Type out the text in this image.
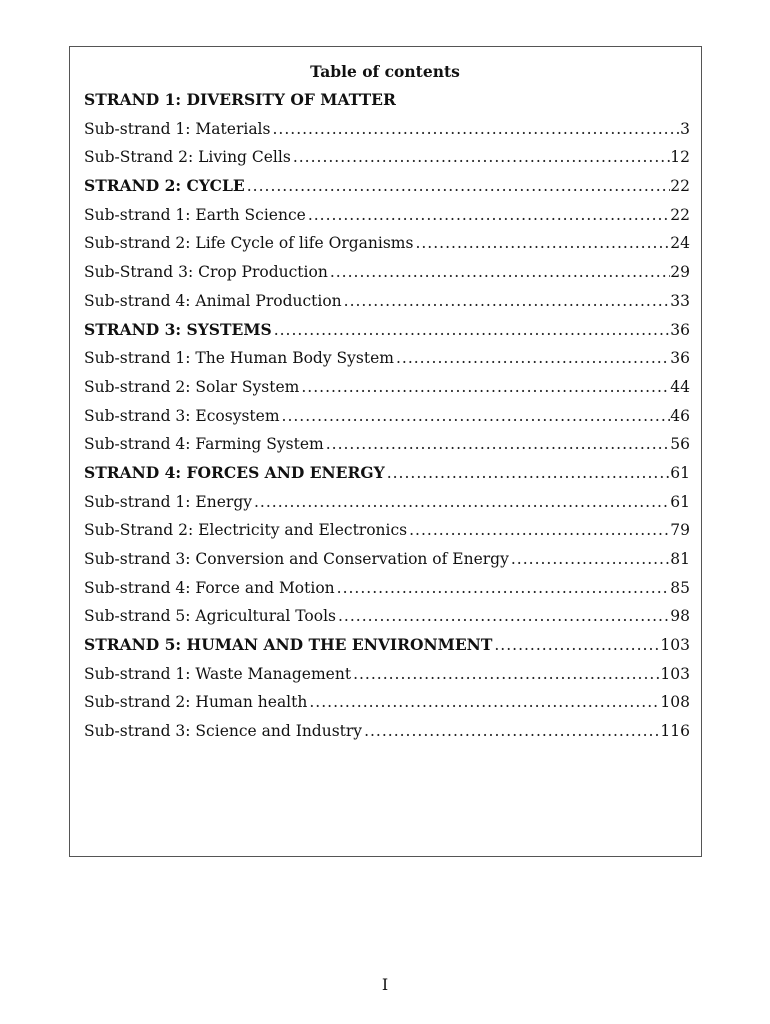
Table of contents
STRAND 1: DIVERSITY OF MATTER
Sub-strand 1: Materials .....	3
Sub-Strand 2: Living Cells .....	12
STRAND 2: CYCLE .....	22
Sub-strand 1: Earth Science .....	22
Sub-strand 2: Life Cycle of life Organisms .....	24
Sub-Strand 3: Crop Production .....	29
Sub-strand 4: Animal Production .....	33
STRAND 3: SYSTEMS .....	36
Sub-strand 1: The Human Body System .....	36
Sub-strand 2: Solar System .....	44
Sub-strand 3: Ecosystem .....	46
Sub-strand 4: Farming System .....	56
STRAND 4: FORCES AND ENERGY .....	61
Sub-strand 1: Energy .....	61
Sub-Strand 2: Electricity and Electronics .....	79
Sub-strand 3: Conversion and Conservation of Energy .....	81
Sub-strand 4: Force and Motion .....	85
Sub-strand 5: Agricultural Tools .....	98
STRAND 5: HUMAN AND THE ENVIRONMENT .....	103
Sub-strand 1: Waste Management .....	103
Sub-strand 2: Human health .....	108
Sub-strand 3: Science and Industry .....	116
I
